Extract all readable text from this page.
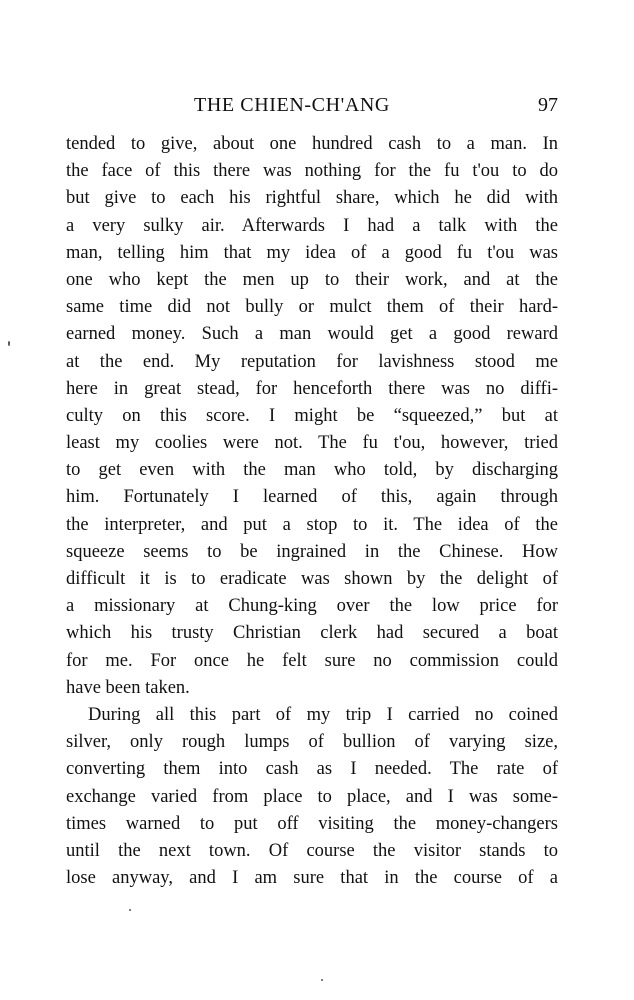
THE CHIEN-CH'ANG	97
tended to give, about one hundred cash to a man. In
the face of this there was nothing for the fu t'ou to do
but give to each his rightful share, which he did with
a very sulky air. Afterwards I had a talk with the
man, telling him that my idea of a good fu t'ou was
one who kept the men up to their work, and at the
same time did not bully or mulct them of their hard-
earned money. Such a man would get a good reward
at the end. My reputation for lavishness stood me
here in great stead, for henceforth there was no diffi-
culty on this score. I might be “squeezed,” but at
least my coolies were not. The fu t'ou, however, tried
to get even with the man who told, by discharging
him. Fortunately I learned of this, again through
the interpreter, and put a stop to it. The idea of the
squeeze seems to be ingrained in the Chinese. How
difficult it is to eradicate was shown by the delight of
a missionary at Chung-king over the low price for
which his trusty Christian clerk had secured a boat
for me. For once he felt sure no commission could
have been taken.
During all this part of my trip I carried no coined
silver, only rough lumps of bullion of varying size,
converting them into cash as I needed. The rate of
exchange varied from place to place, and I was some-
times warned to put off visiting the money-changers
until the next town. Of course the visitor stands to
lose anyway, and I am sure that in the course of a
